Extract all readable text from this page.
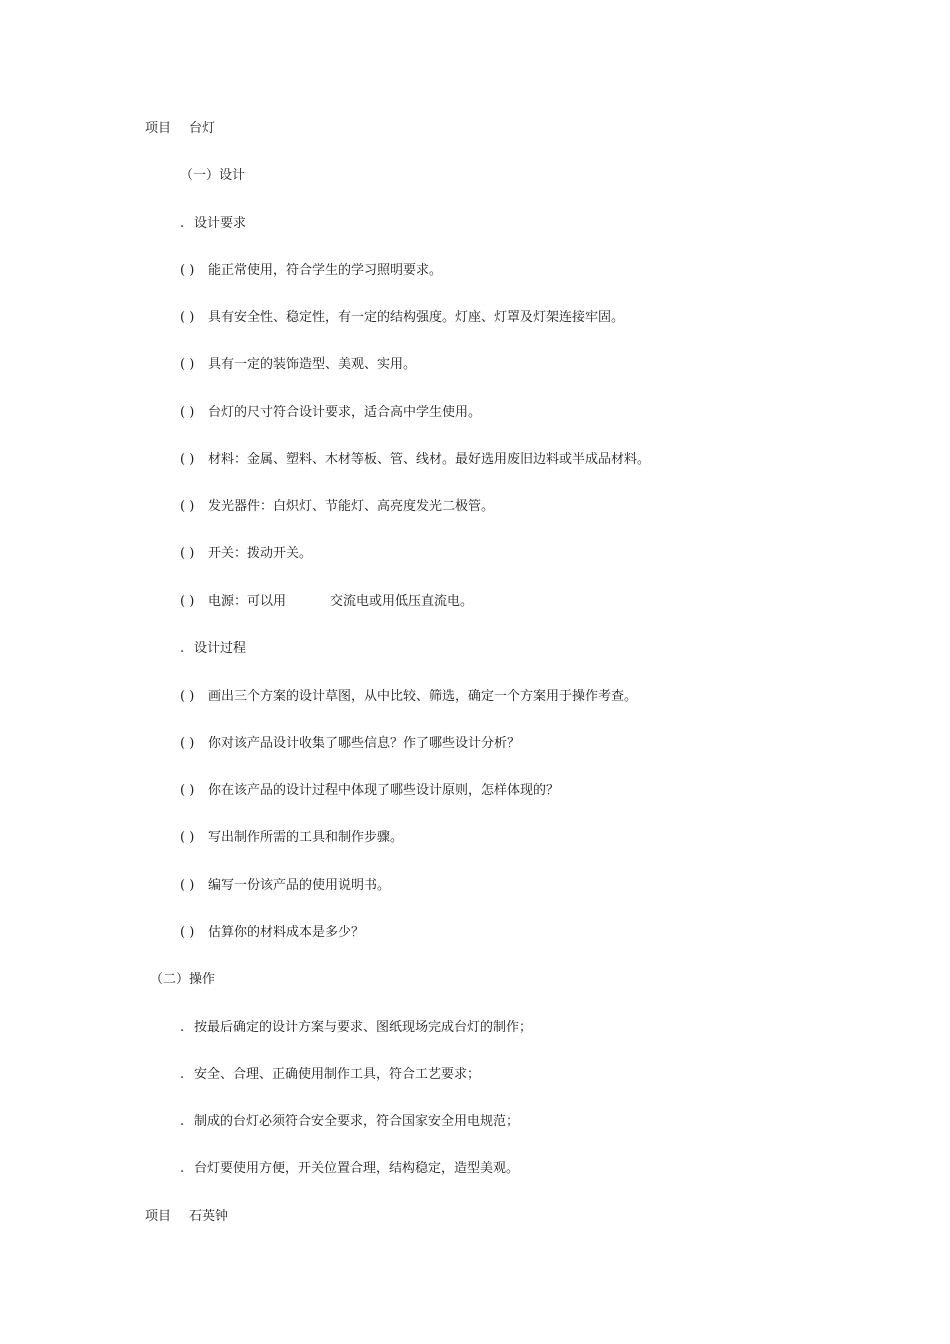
项目 台灯
（一）设计
. 设计要求
( ) 能正常使用，符合学生的学习照明要求。
( ) 具有安全性、稳定性，有一定的结构强度。灯座、灯罩及灯架连接牢固。
( ) 具有一定的装饰造型、美观、实用。
( ) 台灯的尺寸符合设计要求，适合高中学生使用。
( ) 材料：金属、塑料、木材等板、管、线材。最好选用废旧边料或半成品材料。
( ) 发光器件：白炽灯、节能灯、高亮度发光二极管。
( ) 开关：拨动开关。
( ) 电源：可以用	交流电或用低压直流电。
. 设计过程
( ) 画出三个方案的设计草图，从中比较、筛选，确定一个方案用于操作考查。
( ) 你对该产品设计收集了哪些信息？作了哪些设计分析？
( ) 你在该产品的设计过程中体现了哪些设计原则，怎样体现的？
( ) 写出制作所需的工具和制作步骤。
( ) 编写一份该产品的使用说明书。
( ) 估算你的材料成本是多少？
（二）操作
. 按最后确定的设计方案与要求、图纸现场完成台灯的制作；
. 安全、合理、正确使用制作工具，符合工艺要求；
. 制成的台灯必须符合安全要求，符合国家安全用电规范；
. 台灯要使用方便，开关位置合理，结构稳定，造型美观。
项目 石英钟
